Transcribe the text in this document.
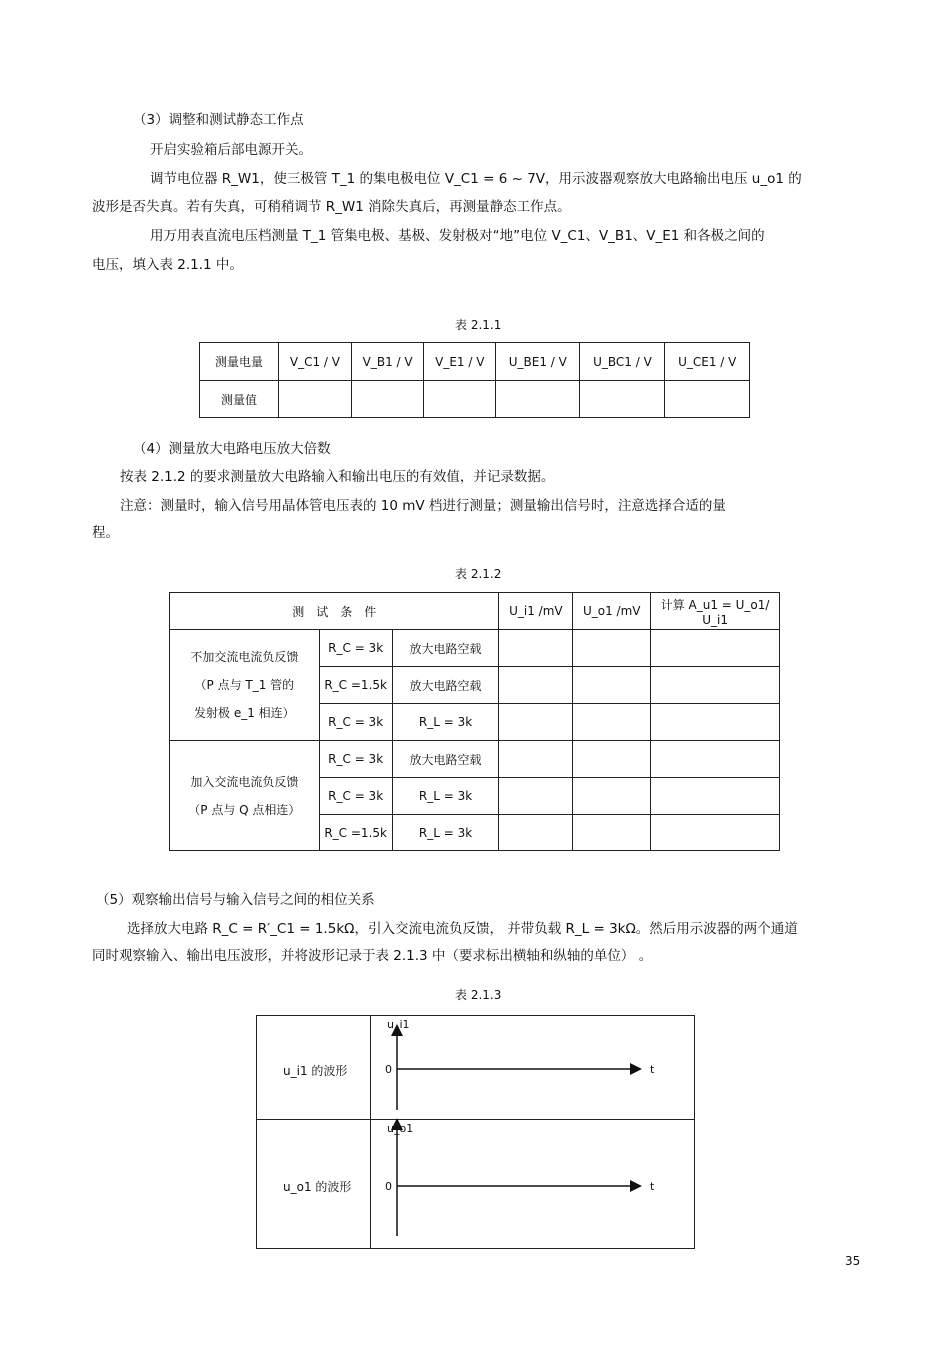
（3）调整和测试静态工作点
开启实验箱后部电源开关。
调节电位器 R_W1，使三极管 T_1 的集电极电位 V_C1 = 6 ~ 7V，用示波器观察放大电路输出电压 u_o1 的
波形是否失真。若有失真，可稍稍调节 R_W1 消除失真后，再测量静态工作点。
用万用表直流电压档测量 T_1 管集电极、基极、发射极对“地”电位 V_C1、V_B1、V_E1 和各极之间的
电压，填入表 2.1.1 中。
表 2.1.1
测量电量	V_C1 / V	V_B1 / V	V_E1 / V	U_BE1 / V	U_BC1 / V	U_CE1 / V
测量值						
（4）测量放大电路电压放大倍数
按表 2.1.2 的要求测量放大电路输入和输出电压的有效值，并记录数据。
注意：测量时，输入信号用晶体管电压表的 10 mV 档进行测量；测量输出信号时，注意选择合适的量
程。
表 2.1.2
测　试　条　件			U_i1 /mV	U_o1 /mV	计算 A_u1 = U_o1/ U_i1

不加交流电流负反馈
（P 点与 T_1 管的
发射极 e_1 相连）	R_C = 3k	放大电路空载			
	R_C =1.5k	放大电路空载			
	R_C = 3k	R_L = 3k			

加入交流电流负反馈
（P 点与 Q 点相连）	R_C = 3k	放大电路空载			
	R_C = 3k	R_L = 3k			
	R_C =1.5k	R_L = 3k			
（5）观察输出信号与输入信号之间的相位关系
选择放大电路 R_C = R′_C1 = 1.5kΩ，引入交流电流负反馈， 并带负载 R_L = 3kΩ。然后用示波器的两个通道
同时观察输入、输出电压波形，并将波形记录于表 2.1.3 中（要求标出横轴和纵轴的单位） 。
表 2.1.3
u_i1 的波形
u_o1 的波形
u_i1
0	t
u_o1
0	t
35
